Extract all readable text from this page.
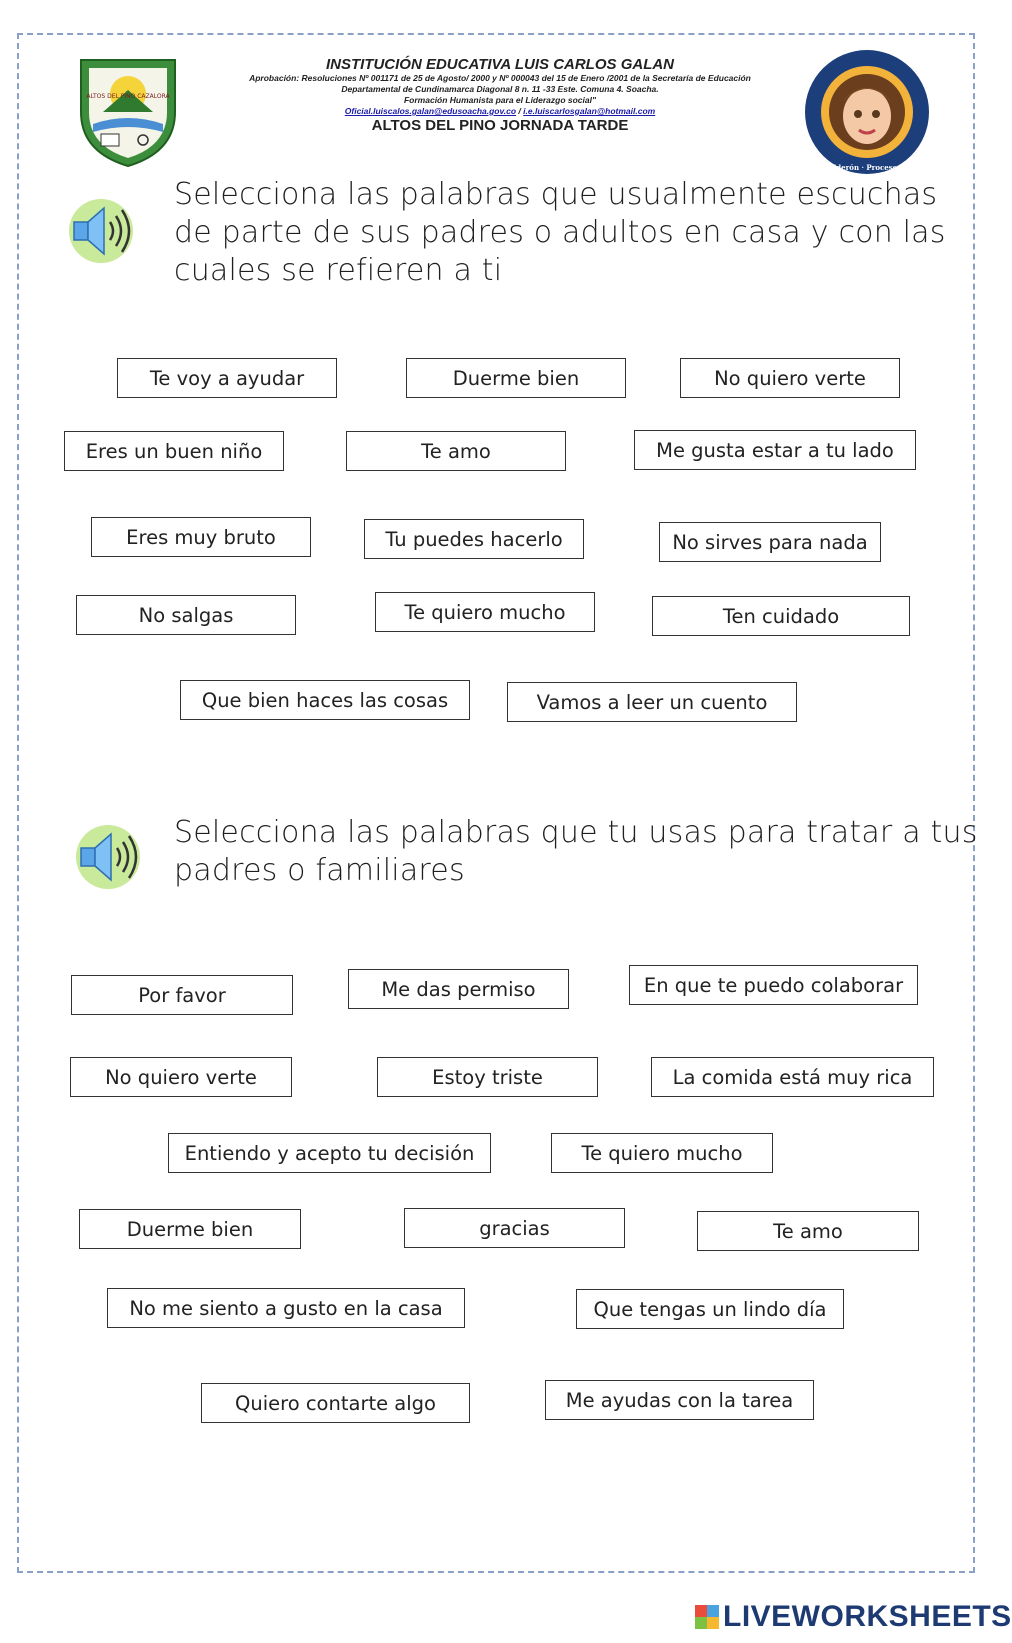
ALTOS DEL PINO CAZALORA

INSTITUCIÓN EDUCATIVA LUIS CARLOS GALAN

Aprobación: Resoluciones Nº 001171 de 25 de Agosto/ 2000 y Nº 000043 del 15 de Enero /2001 de la Secretaría de Educación

Departamental de Cundinamarca Diagonal 8 n. 11 -33 Este. Comuna 4. Soacha.

Formación Humanista para el Liderazgo social"

Oficial.luiscalos.galan@edusoacha.gov.co / i.e.luiscarlosgalan@hotmail.com

ALTOS DEL PINO JORNADA TARDE

Lic. Yohana Calderón · Procesos Básicos 2021.
Selecciona las palabras que usualmente escuchas
de parte de sus padres o adultos en casa y con las
cuales se refieren a ti
Te voy a ayudar	Duerme bien	No quiero verte
Eres un buen niño	Te amo	Me gusta estar a tu lado
Eres muy bruto	Tu puedes hacerlo	No sirves para nada
No salgas	Te quiero mucho	Ten cuidado
Que bien haces las cosas	Vamos a leer un cuento
Selecciona las palabras que tu usas para tratar a tus
padres o familiares
Por favor	Me das permiso	En que te puedo colaborar
No quiero verte	Estoy triste	La comida está muy rica
Entiendo y acepto tu decisión	Te quiero mucho
Duerme bien	gracias	Te amo
No me siento a gusto en la casa	Que tengas un lindo día
Quiero contarte algo	Me ayudas con la tarea
LIVEWORKSHEETS
